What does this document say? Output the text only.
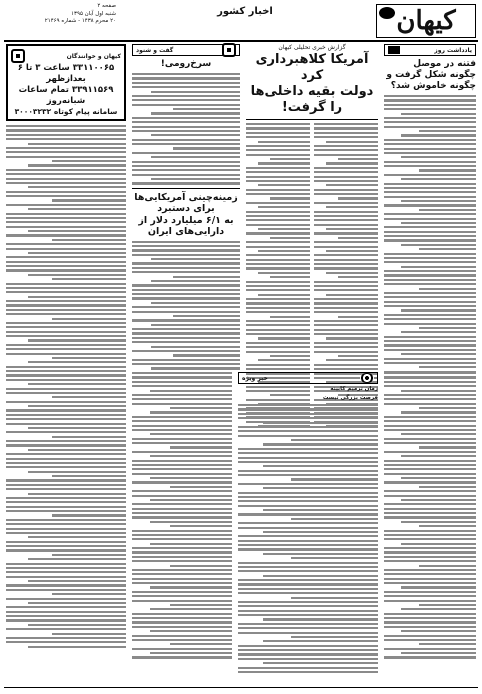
کیهان
اخبار کشور
صفحه ۲
شنبه اول آبان ۱۳۹۵
۲۰ محرم ۱۴۳۸ - شماره ۲۱۴۶۹
یادداشت روز
فتنه در موصل چگونه شکل گرفت و چگونه خاموش شد؟
گزارش خبری تحلیلی کیهان
آمریکا کلاهبرداری کرد
دولت بقیه داخلی‌ها را گرفت!
گفت و شنود
سرخ‌رومی!
زمینه‌چینی آمریکایی‌ها برای دستبرد
به ۶/۱ میلیارد دلار از دارایی‌های ایران
کیهان و خوانندگان
۳۳۱۱۰۰۶۵ ساعت ۳ تا ۶ بعدازظهر
۳۳۹۱۱۵۶۹ تمام ساعات شبانه‌روز
سامانه پیام کوتاه ۳۰۰۰۳۲۳۲
خبر ویژه
زمان ترمیم کابینه
فرصت بزرگی نیست
